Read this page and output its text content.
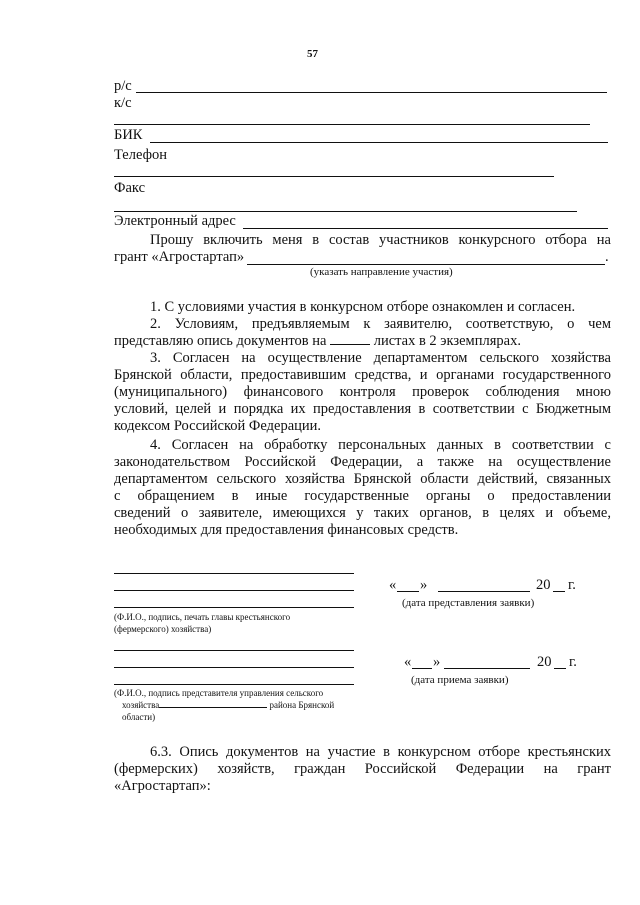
57
р/с
к/с
БИК
Телефон
Факс
Электронный адрес
Прошу включить меня в состав участников конкурсного отбора на
грант «Агростартап»	.
(указать направление участия)
1. С условиями участия в конкурсном отборе ознакомлен и согласен.
2. Условиям, предъявляемым к заявителю, соответствую, о чем
представляю опись документов на	листах в 2 экземплярах.
3. Согласен на осуществление департаментом сельского хозяйства
Брянской области, предоставившим средства, и органами государственного
(муниципального) финансового контроля проверок соблюдения мною
условий, целей и порядка их предоставления в соответствии с Бюджетным
кодексом Российской Федерации.
4. Согласен на обработку персональных данных в соответствии с
законодательством Российской Федерации, а также на осуществление
департаментом сельского хозяйства Брянской области действий, связанных
с обращением в иные государственные органы о предоставлении
сведений о заявителе, имеющихся у таких органов, в целях и объеме,
необходимых для предоставления финансовых средств.
(Ф.И.О., подпись, печать главы крестьянского
(фермерского) хозяйства)
« »	20 г.
(дата представления заявки)
(Ф.И.О., подпись представителя управления сельского
хозяйства	района Брянской
области)
« »	20 г.
(дата приема заявки)
6.3. Опись документов на участие в конкурсном отборе крестьянских
(фермерских) хозяйств, граждан Российской Федерации на грант
«Агростартап»:
